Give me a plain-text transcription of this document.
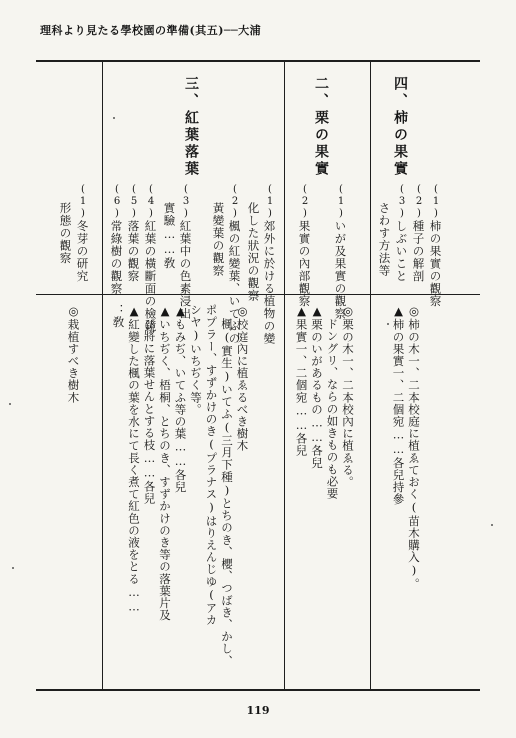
理科より見たる學校園の準備(其五)──大浦
119
四、柿の果實
(1)柿の果實の觀察
(2)種子の解剖
(3)しぶいこと
さわす方法等
◎柿の木一、二本校庭に植ゑておく(苗木購入)。
▲柿の果實一、二個宛……各兒持參
二、栗の果實
(1)いが及果實の觀察
(2)果實の內部觀察
◎栗の木一、二本校內に植ゑる。
ドングリ、ならの如きものも必要
▲栗のいがあるもの……各兒
▲果實一、二個宛……各兒
三、紅葉落葉
(1)郊外に於ける植物の變
化した狀況の觀察
(2)楓の紅變葉、いてふの
黃變葉の觀察
(3)紅葉中の色素浸出
實驗……敎
(4)紅葉の橫斷面の檢鏡
(5)落葉の觀察
(6)常綠樹の觀察
◎校庭內に植ゑるべき樹木
楓(實生)いてふ(三月下種)とちのき、櫻、つばき、かし、
ポプラー、すずかけのき(プラナス)はりえんじゆ(アカ
シヤ)いちぢく等。
▲もみぢ、いてふ等の葉……各兒
▲いちぢく、梧桐、とちのき、すずかけのき等の落葉片及
び將に落葉せんとする枝……各兒
▲紅變した楓の葉を水にて長く煮て紅色の液をとる……
：敎
(1)冬芽の研究
形態の觀察
◎栽植すべき樹木
